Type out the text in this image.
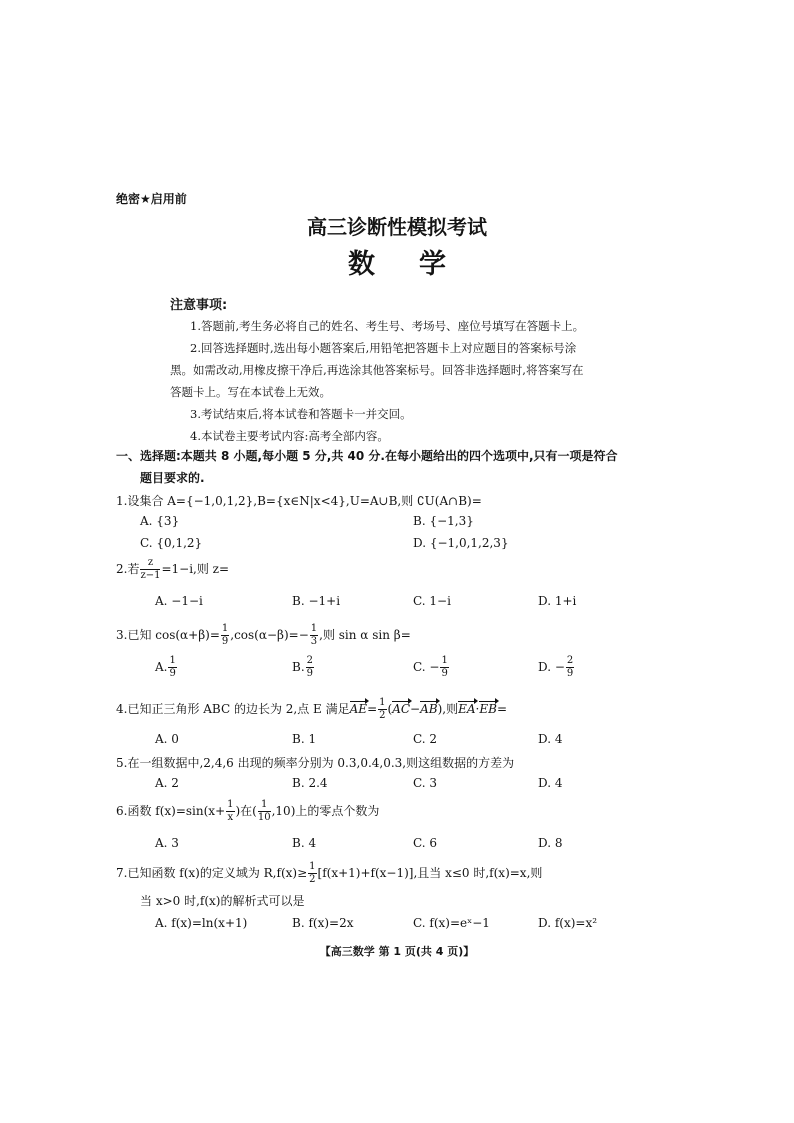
绝密★启用前
高三诊断性模拟考试
数学
注意事项:
1.答题前,考生务必将自己的姓名、考生号、考场号、座位号填写在答题卡上。
2.回答选择题时,选出每小题答案后,用铅笔把答题卡上对应题目的答案标号涂
黑。如需改动,用橡皮擦干净后,再选涂其他答案标号。回答非选择题时,将答案写在
答题卡上。写在本试卷上无效。
3.考试结束后,将本试卷和答题卡一并交回。
4.本试卷主要考试内容:高考全部内容。
一、选择题:本题共 8 小题,每小题 5 分,共 40 分.在每小题给出的四个选项中,只有一项是符合
题目要求的.
1.设集合 A={−1,0,1,2},B={x∈N|x<4},U=A∪B,则 ∁U(A∩B)=
A. {3}	B. {−1,3}
C. {0,1,2}	D. {−1,0,1,2,3}
2.若 $\frac{z}{z-1} =1-i$,则 z=
A. −1−i	B. −1+i	C. 1−i	D. 1+i
3.已知 $\cos(\alpha+\beta)= \frac{1}{9} ,\cos(\alpha-\beta)=- \frac{1}{3}$ ,则 sin α sin β=
A. $\frac{1}{9}$	B. $\frac{2}{9}$	C. − $\frac{1}{9}$	D. − $\frac{2}{9}$
4.已知正三角形 ABC 的边长为 2,点 E 满足$AE= \frac{1}{2} (AC-AB)$,则EA·EB=
A. 0	B. 1	C. 2	D. 4
5.在一组数据中,2,4,6 出现的频率分别为 0.3,0.4,0.3,则这组数据的方差为
A. 2	B. 2.4	C. 3	D. 4
6.函数 $f(x)=\sin(x+ \frac{1}{x}$ )在( $\frac{1}{10} ,10$)上的零点个数为
A. 3	B. 4	C. 6	D. 8
7.已知函数 f(x)的定义域为 $R,f(x)\ge \frac{1}{2} [f(x+1)+f(x-1)]$,且当 x≤0 时,f(x)=x,则
当 x>0 时,f(x)的解析式可以是
A. f(x)=ln(x+1)	B. f(x)=2x	C. f(x)=eˣ−1	D. f(x)=x²
【高三数学 第 1 页(共 4 页)】
